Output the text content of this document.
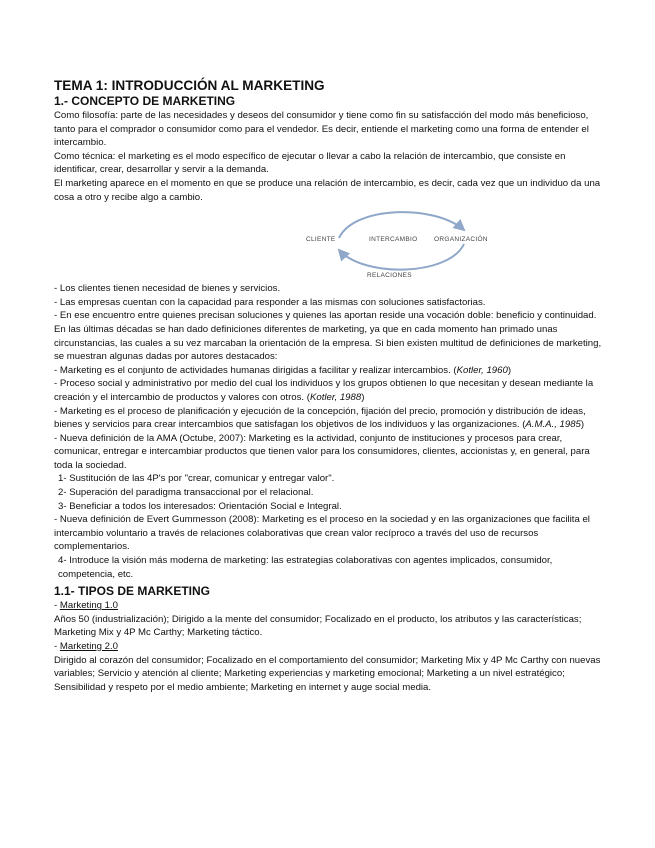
TEMA 1: INTRODUCCIÓN AL MARKETING
1.- CONCEPTO DE MARKETING

Como filosofía: parte de las necesidades y deseos del consumidor y tiene como fin su satisfacción del modo más beneficioso, tanto para el comprador o consumidor como para el vendedor. Es decir, entiende el marketing como una forma de entender el intercambio.

Como técnica: el marketing es el modo específico de ejecutar o llevar a cabo la relación de intercambio, que consiste en identificar, crear, desarrollar y servir a la demanda.

El marketing aparece en el momento en que se produce una relación de intercambio, es decir, cada vez que un individuo da una cosa a otro y recibe algo a cambio.

CLIENTE	INTERCAMBIO	ORGANIZACIÓN
RELACIONES

- Los clientes tienen necesidad de bienes y servicios.

- Las empresas cuentan con la capacidad para responder a las mismas con soluciones satisfactorias.

- En ese encuentro entre quienes precisan soluciones y quienes las aportan reside una vocación doble: beneficio y continuidad.

En las últimas décadas se han dado definiciones diferentes de marketing, ya que en cada momento han primado unas circunstancias, las cuales a su vez marcaban la orientación de la empresa. Si bien existen multitud de definiciones de marketing, se muestran algunas dadas por autores destacados:

- Marketing es el conjunto de actividades humanas dirigidas a facilitar y realizar intercambios. (Kotler, 1960)

- Proceso social y administrativo por medio del cual los individuos y los grupos obtienen lo que necesitan y desean mediante la creación y el intercambio de productos y valores con otros. (Kotler, 1988)

- Marketing es el proceso de planificación y ejecución de la concepción, fijación del precio, promoción y distribución de ideas, bienes y servicios para crear intercambios que satisfagan los objetivos de los individuos y las organizaciones. (A.M.A., 1985)

- Nueva definición de la AMA (Octube, 2007): Marketing es la actividad, conjunto de instituciones y procesos para crear, comunicar, entregar e intercambiar productos que tienen valor para los consumidores, clientes, accionistas y, en general, para toda la sociedad.

1- Sustitución de las 4P's por "crear, comunicar y entregar valor".

2- Superación del paradigma transaccional por el relacional.

3- Beneficiar a todos los interesados: Orientación Social e Integral.

- Nueva definición de Evert Gummesson (2008): Marketing es el proceso en la sociedad y en las organizaciones que facilita el intercambio voluntario a través de relaciones colaborativas que crean valor recíproco a través del uso de recursos complementarios.

4- Introduce la visión más moderna de marketing: las estrategias colaborativas con agentes implicados, consumidor, competencia, etc.

1.1- TIPOS DE MARKETING

- Marketing 1.0

Años 50 (industrialización); Dirigido a la mente del consumidor; Focalizado en el producto, los atributos y las características; Marketing Mix y 4P Mc Carthy; Marketing táctico.

- Marketing 2.0

Dirigido al corazón del consumidor; Focalizado en el comportamiento del consumidor; Marketing Mix y 4P Mc Carthy con nuevas variables; Servicio y atención al cliente; Marketing experiencias y marketing emocional; Marketing a un nivel estratégico; Sensibilidad y respeto por el medio ambiente; Marketing en internet y auge social media.
